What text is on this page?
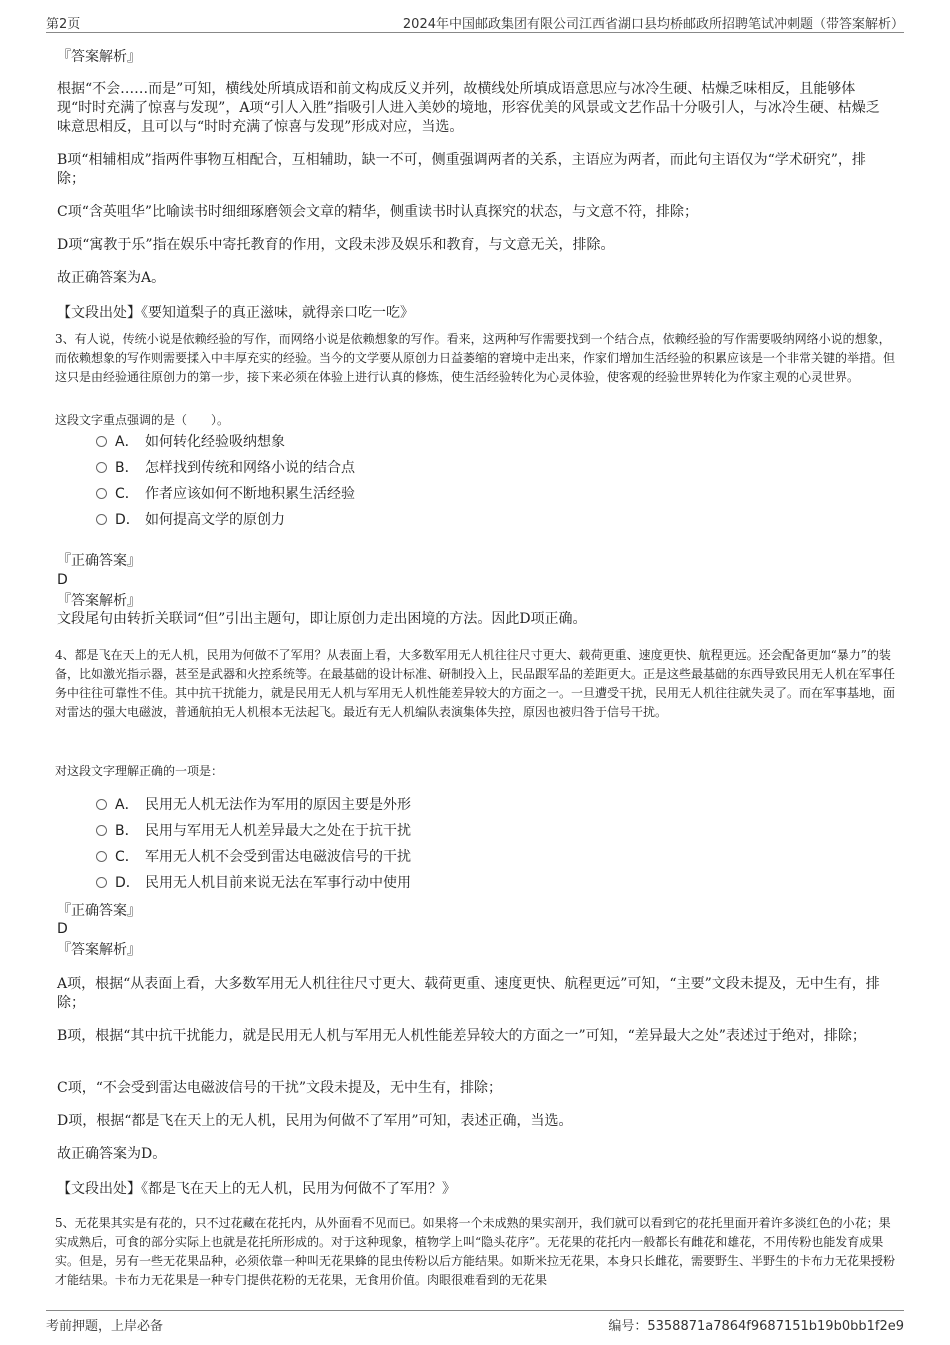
第2页	2024年中国邮政集团有限公司江西省湖口县均桥邮政所招聘笔试冲刺题（带答案解析）
『答案解析』
根据“不会……而是”可知，横线处所填成语和前文构成反义并列，故横线处所填成语意思应与冰冷生硬、枯燥乏味相反，且能够体现“时时充满了惊喜与发现”，A项“引人入胜”指吸引人进入美妙的境地，形容优美的风景或文艺作品十分吸引人，与冰冷生硬、枯燥乏味意思相反，且可以与“时时充满了惊喜与发现”形成对应，当选。
B项“相辅相成”指两件事物互相配合，互相辅助，缺一不可，侧重强调两者的关系，主语应为两者，而此句主语仅为“学术研究”，排除；
C项“含英咀华”比喻读书时细细琢磨领会文章的精华，侧重读书时认真探究的状态，与文意不符，排除；
D项“寓教于乐”指在娱乐中寄托教育的作用，文段未涉及娱乐和教育，与文意无关，排除。
故正确答案为A。
【文段出处】《要知道梨子的真正滋味，就得亲口吃一吃》
3、有人说，传统小说是依赖经验的写作，而网络小说是依赖想象的写作。看来，这两种写作需要找到一个结合点，依赖经验的写作需要吸纳网络小说的想象，而依赖想象的写作则需要揉入中丰厚充实的经验。当今的文学要从原创力日益萎缩的窘境中走出来，作家们增加生活经验的积累应该是一个非常关键的举措。但这只是由经验通往原创力的第一步，接下来必须在体验上进行认真的修炼，使生活经验转化为心灵体验，使客观的经验世界转化为作家主观的心灵世界。
这段文字重点强调的是（　　）。
A． 如何转化经验吸纳想象
B． 怎样找到传统和网络小说的结合点
C． 作者应该如何不断地积累生活经验
D． 如何提高文学的原创力
『正确答案』
D
『答案解析』
文段尾句由转折关联词“但”引出主题句，即让原创力走出困境的方法。因此D项正确。
4、都是飞在天上的无人机，民用为何做不了军用？从表面上看，大多数军用无人机往往尺寸更大、载荷更重、速度更快、航程更远。还会配备更加“暴力”的装备，比如激光指示器，甚至是武器和火控系统等。在最基础的设计标准、研制投入上，民品跟军品的差距更大。正是这些最基础的东西导致民用无人机在军事任务中往往可靠性不佳。其中抗干扰能力，就是民用无人机与军用无人机性能差异较大的方面之一。一旦遭受干扰，民用无人机往往就失灵了。而在军事基地，面对雷达的强大电磁波，普通航拍无人机根本无法起飞。最近有无人机编队表演集体失控，原因也被归咎于信号干扰。
对这段文字理解正确的一项是：
A． 民用无人机无法作为军用的原因主要是外形
B． 民用与军用无人机差异最大之处在于抗干扰
C． 军用无人机不会受到雷达电磁波信号的干扰
D． 民用无人机目前来说无法在军事行动中使用
『正确答案』
D
『答案解析』
A项，根据“从表面上看，大多数军用无人机往往尺寸更大、载荷更重、速度更快、航程更远”可知，“主要”文段未提及，无中生有，排除；
B项，根据“其中抗干扰能力，就是民用无人机与军用无人机性能差异较大的方面之一”可知，“差异最大之处”表述过于绝对，排除；
C项，“不会受到雷达电磁波信号的干扰”文段未提及，无中生有，排除；
D项，根据“都是飞在天上的无人机，民用为何做不了军用”可知，表述正确，当选。
故正确答案为D。
【文段出处】《都是飞在天上的无人机，民用为何做不了军用？》
5、无花果其实是有花的，只不过花藏在花托内，从外面看不见而已。如果将一个未成熟的果实剖开，我们就可以看到它的花托里面开着许多淡红色的小花；果实成熟后，可食的部分实际上也就是花托所形成的。对于这种现象，植物学上叫“隐头花序”。无花果的花托内一般都长有雌花和雄花，不用传粉也能发育成果实。但是，另有一些无花果品种，必须依靠一种叫无花果蜂的昆虫传粉以后方能结果。如斯米拉无花果，本身只长雌花，需要野生、半野生的卡布力无花果授粉才能结果。卡布力无花果是一种专门提供花粉的无花果，无食用价值。肉眼很难看到的无花果
考前押题，上岸必备	编号：5358871a7864f9687151b19b0bb1f2e9
